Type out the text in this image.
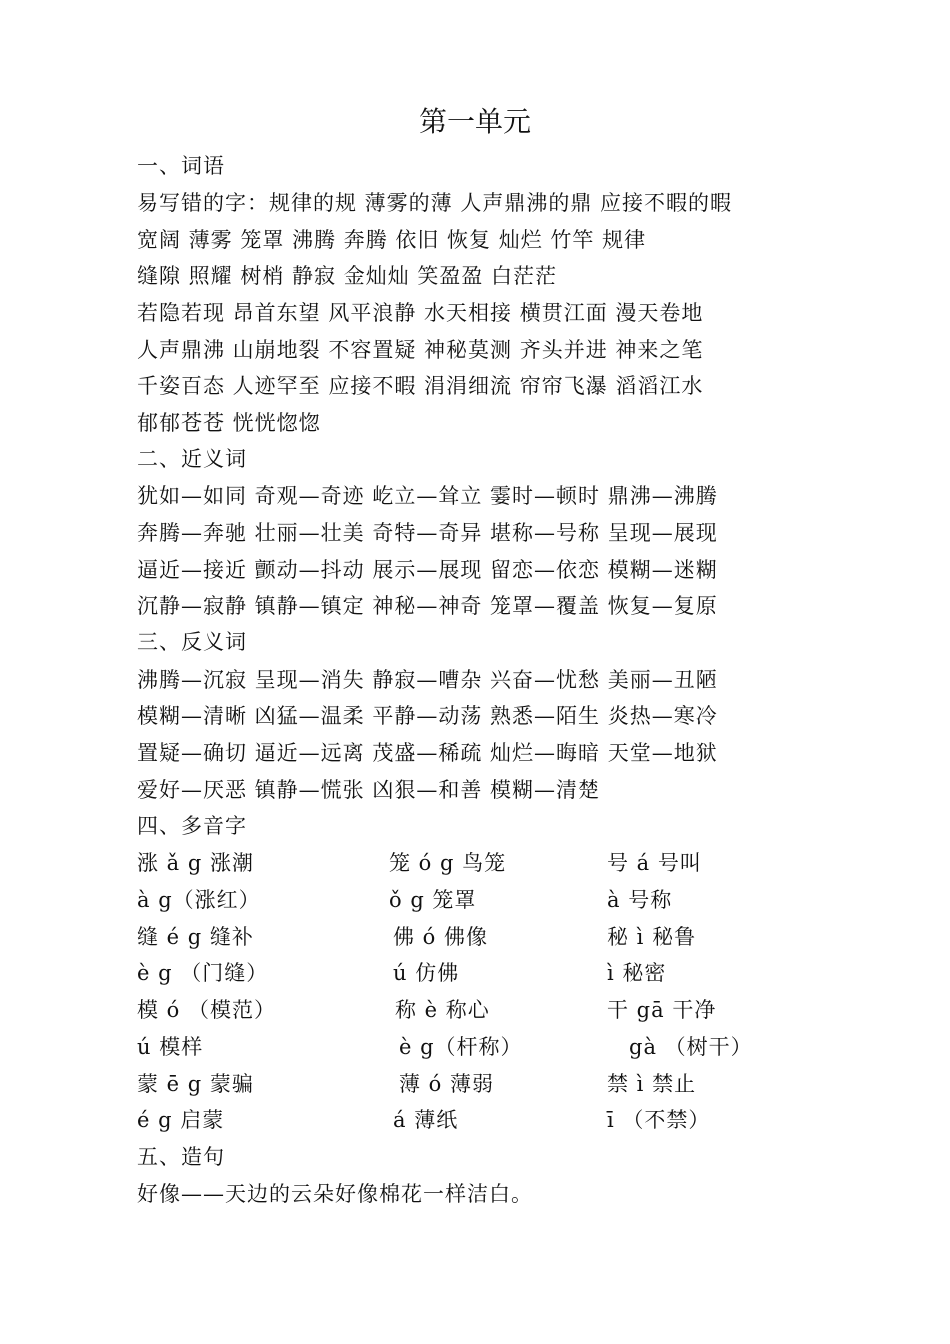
第一单元
一、词语
易写错的字：规律的规 薄雾的薄 人声鼎沸的鼎 应接不暇的暇
宽阔 薄雾 笼罩 沸腾 奔腾 依旧 恢复 灿烂 竹竿 规律
缝隙 照耀 树梢 静寂 金灿灿 笑盈盈 白茫茫
若隐若现 昂首东望 风平浪静 水天相接 横贯江面 漫天卷地
人声鼎沸 山崩地裂 不容置疑 神秘莫测 齐头并进 神来之笔
千姿百态 人迹罕至 应接不暇 涓涓细流 帘帘飞瀑 滔滔江水
郁郁苍苍 恍恍惚惚
二、近义词
犹如—如同 奇观—奇迹 屹立—耸立 霎时—顿时 鼎沸—沸腾
奔腾—奔驰 壮丽—壮美 奇特—奇异 堪称—号称 呈现—展现
逼近—接近 颤动—抖动 展示—展现 留恋—依恋 模糊—迷糊
沉静—寂静 镇静—镇定 神秘—神奇 笼罩—覆盖 恢复—复原
三、反义词
沸腾—沉寂 呈现—消失 静寂—嘈杂 兴奋—忧愁 美丽—丑陋
模糊—清晰 凶猛—温柔 平静—动荡 熟悉—陌生 炎热—寒冷
置疑—确切 逼近—远离 茂盛—稀疏 灿烂—晦暗 天堂—地狱
爱好—厌恶 镇静—慌张 凶狠—和善 模糊—清楚
四、多音字
涨 ǎ g 涨潮	笼 ó g 鸟笼	号 á 号叫
à g（涨红）	ǒ g 笼罩	à 号称
缝 é g 缝补	佛 ó 佛像	秘 ì 秘鲁
è g （门缝）	ú 仿佛	ì 秘密
模 ó （模范）	称 è 称心	干 gā 干净
ú 模样	è g（杆称）	gà （树干）
蒙 ē g 蒙骗	薄 ó 薄弱	禁 ì 禁止
é g 启蒙	á 薄纸	ī （不禁）
五、造句
好像——天边的云朵好像棉花一样洁白。
